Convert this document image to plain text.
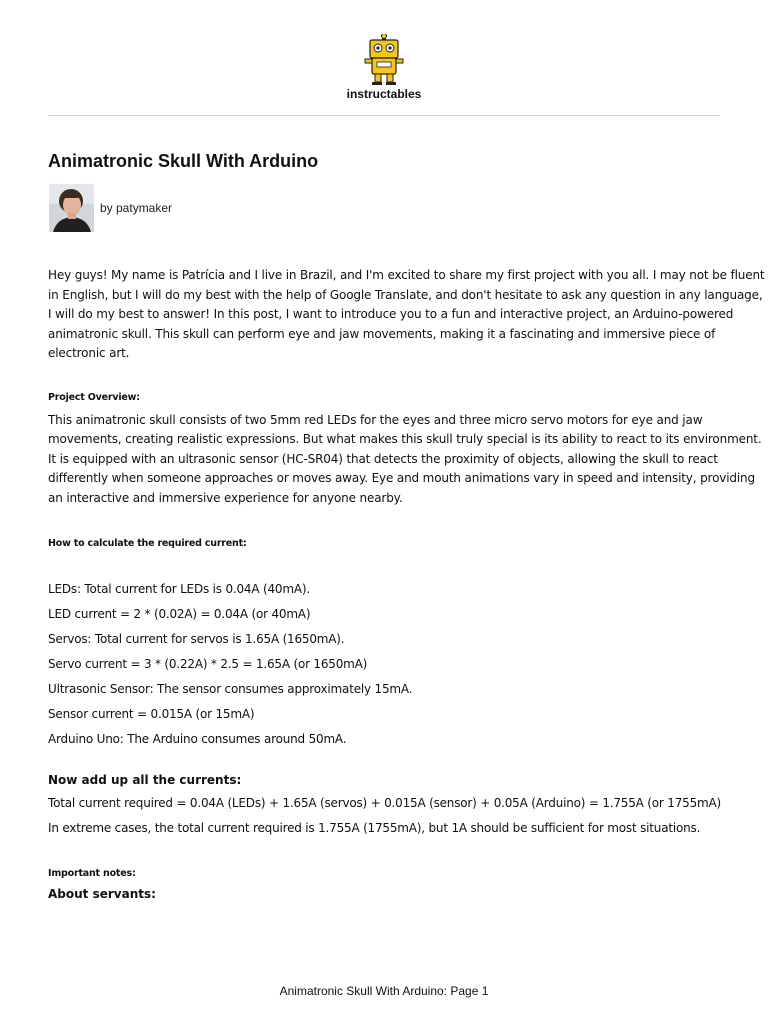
instructables
Animatronic Skull With Arduino
by patymaker

Hey guys! My name is Patrícia and I live in Brazil, and I'm excited to share my first project with you all. I may not be fluent
in English, but I will do my best with the help of Google Translate, and don't hesitate to ask any question in any language,
I will do my best to answer! In this post, I want to introduce you to a fun and interactive project, an Arduino-powered
animatronic skull. This skull can perform eye and jaw movements, making it a fascinating and immersive piece of
electronic art.

Project Overview:

This animatronic skull consists of two 5mm red LEDs for the eyes and three micro servo motors for eye and jaw
movements, creating realistic expressions. But what makes this skull truly special is its ability to react to its environment.
It is equipped with an ultrasonic sensor (HC-SR04) that detects the proximity of objects, allowing the skull to react
differently when someone approaches or moves away. Eye and mouth animations vary in speed and intensity, providing
an interactive and immersive experience for anyone nearby.

How to calculate the required current:

LEDs: Total current for LEDs is 0.04A (40mA).

LED current = 2 * (0.02A) = 0.04A (or 40mA)

Servos: Total current for servos is 1.65A (1650mA).

Servo current = 3 * (0.22A) * 2.5 = 1.65A (or 1650mA)

Ultrasonic Sensor: The sensor consumes approximately 15mA.

Sensor current = 0.015A (or 15mA)

Arduino Uno: The Arduino consumes around 50mA.

Now add up all the currents:

Total current required = 0.04A (LEDs) + 1.65A (servos) + 0.015A (sensor) + 0.05A (Arduino) = 1.755A (or 1755mA)

In extreme cases, the total current required is 1.755A (1755mA), but 1A should be sufficient for most situations.

Important notes:
About servants:
Animatronic Skull With Arduino: Page 1
